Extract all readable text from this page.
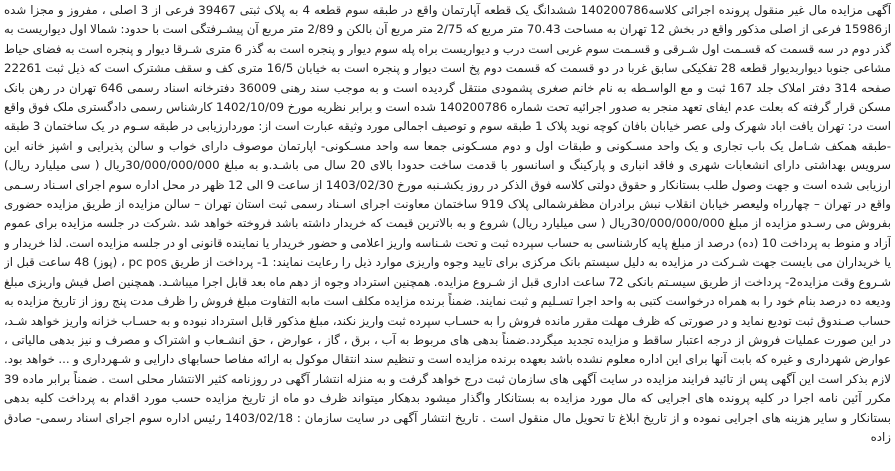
آگهی مزایده مال غیر منقول پرونده اجرائی کلاسه140200786 ششدانگ یک قطعه آپارتمان واقع در طبقه سوم قطعه 4 به پلاک ثبتی 39467 فرعی از 3 اصلی ، مفروز و مجزا شده از15986 فرعی از اصلی مذکور واقع در بخش 12 تهران به مساحت 70.43 متر مربع که 2/75 متر مربع آن بالکن و 2/89 متر مربع آن پیشـرفتگی است با حدود: شمالا اول دیواریست به گذر دوم در سه قسمت که قسـمت اول شـرقی و قسـمت سوم غربی است درب و دیواریست براه پله سوم دیوار و پنجره است به گذر 6 متری شـرقا دیوار و پنجره است به فضای حیاط مشاعی جنوبا دیواربدیوار قطعه 28 تفکیکی سابق غربا در دو قسمت که قسمت دوم پخ است دیوار و پنجره است به خیابان 16/5 متری کف و سقف مشترک است که ذیل ثبت 22261 صفحه 314 دفتر املاک جلد 167 ثبت و مع الواسـطه به نام خانم صغری پشمودی منتقل گردیده است و به موجب سند رهنی 36009 دفترخانه اسناد رسمی 646 تهران در رهن بانک مسکن قرار گرفته که بعلت عدم ایفای تعهد منجر به صدور اجرائیه تحت شماره 140200786 شده است و برابر نظریه مورخ 1402/10/09 کارشناس رسمی دادگستری ملک فوق واقع است در: تهران یافت اباد شهرک ولی عصر خیابان بافان کوچه نوید پلاک 1 طبقه سوم و توصیف اجمالی مورد وثیقه عبارت است از: موردارزیابی در طبقه سـوم در یک ساختمان 3 طبقه -طبقه همکف شـامل یک باب تجاری و یک واحد مسـکونی و طبقات اول و دوم مسـکونی جمعا سه واحد مسـکونی- اپارتمان موصوف دارای خواب و سالن پذیرایی و اشپز خانه این سرویس بهداشتی دارای انشعابات شهری و فاقد انباری و پارکینگ و اسانسور با قدمت ساخت حدودا بالای 20 سال می باشـد.و به مبلغ 30/000/000/000ریال ( سی میلیارد ریال) ارزیابی شده است و جهت وصول طلب بستانکار و حقوق دولتی کلاسه فوق الذکر در روز یکشـنبه مورخ 1403/02/30 از ساعت 9 الی 12 ظهر در محل اداره سوم اجرای اسـناد رسـمی واقع در تهران – چهارراه ولیعصر خیابان انقلاب نبش برادران مظفرشمالی پلاک 919 ساختمان معاونت اجرای اسـناد رسمی ثبت استان تهران – سالن مزایده از طریق مزایده حضوری بفروش می رسـدو مزایده از مبلغ 30/000/000/000ریال ( سی میلیارد ریال) شروع و به بالاترین قیمت که خریدار داشته باشد فروخته خواهد شد .شرکت در جلسه مزایده برای عموم آزاد و منوط به پرداخت 10 (ده) درصد از مبلغ پایه کارشناسی به حساب سپرده ثبت و تحت شـناسه واریز اعلامی و حضور خریدار یا نماینده قانونی او در جلسه مزایده است. لذا خریدار و یا خریداران می بایست جهت شـرکت در مزایده به دلیل سیستم بانک مرکزی برای تایید وجوه واریزی موارد ذیل را رعایت نمایند: 1- پرداخت از طریق pc pos ، (پوز) 48 ساعت قبل از شـروع وقت مزایده2- پرداخت از طریق سیسـتم بانکی 72 ساعت اداری قبل از شـروع مزایده. همچنین استرداد وجوه از دهم ماه بعد قابل اجرا میباشـد. همچنین اصل فیش واریزی مبلغ ودیعه ده درصد بنام خود را به همراه درخواست کتبی به واحد اجرا تسـلیم و ثبت نمایند. ضمناً برنده مزایده مکلف است مابه التفاوت مبلغ فروش را ظرف مدت پنج روز از تاریخ مزایده به حساب صـندوق ثبت تودیع نماید و در صورتی که ظرف مهلت مقرر مانده فروش را به حسـاب سپرده ثبت واریز نکند، مبلغ مذکور قابل استرداد نبوده و به حسـاب خزانه واریز خواهد شـد، در این صورت عملیات فروش از درجه اعتبار ساقط و مزایده تجدید میگردد.ضمناً بدهی های مربوط به آب ، برق ، گاز ، عوارض ، حق انشـعاب و اشتراک و مصرف و نیز بدهی مالیاتی ، عوارض شهرداری و غیره که بابت آنها برای این اداره معلوم نشده باشد بعهده برنده مزایده است و تنظیم سند انتقال موکول به ارائه مفاصا حسابهای دارایی و شـهرداری و ... خواهد بود. لازم بذکر است این آگهی پس از تائید فرایند مزایده در سایت آگهی های سازمان ثبت درج خواهد گرفت و به منزله انتشار آگهی در روزنامه کثیر الانتشار محلی است . ضمناً برابر ماده 39 مکرر آئین نامه اجرا در کلیه پرونده های اجرایی که مال مورد مزایده به بستانکار واگذار میشود بدهکار میتواند ظرف دو ماه از تاریخ مزایده حسب مورد اقدام به پرداخت کلیه بدهی بستانکار و سایر هزینه های اجرایی نموده و از تاریخ ابلاغ تا تحویل مال منقول است . تاریخ انتشار آگهی در سایت سازمان : 1403/02/18 رئیس اداره سوم اجرای اسناد رسمی- صادق زاده
